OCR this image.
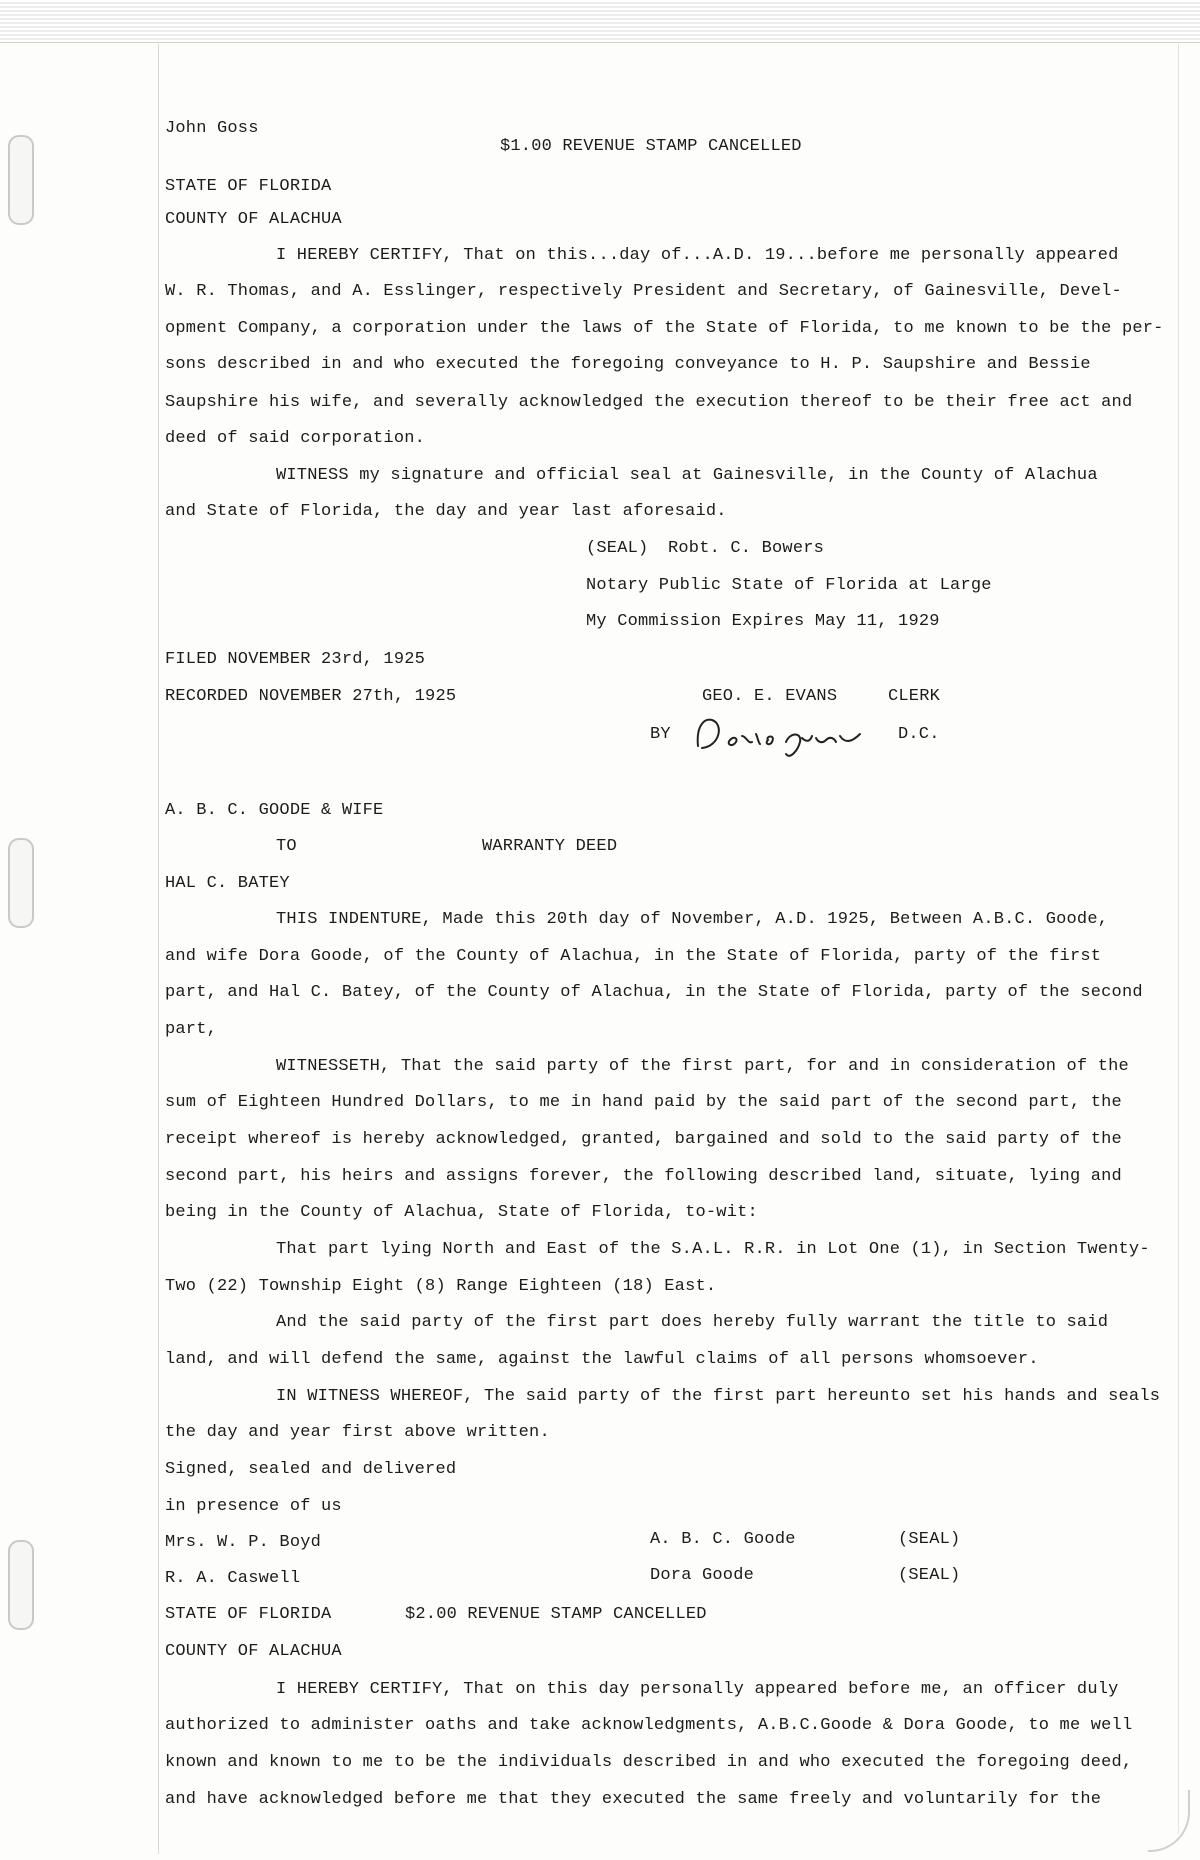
John Goss

$1.00 REVENUE STAMP CANCELLED

STATE OF FLORIDA

COUNTY OF ALACHUA

I HEREBY CERTIFY, That on this...day of...A.D. 19...before me personally appeared

W. R. Thomas, and A. Esslinger, respectively President and Secretary, of Gainesville, Devel-

opment Company, a corporation under the laws of the State of Florida, to me known to be the per-

sons described in and who executed the foregoing conveyance to H. P. Saupshire and Bessie

Saupshire his wife, and severally acknowledged the execution thereof to be their free act and

deed of said corporation.

WITNESS my signature and official seal at Gainesville, in the County of Alachua

and State of Florida, the day and year last aforesaid.

(SEAL) Robt. C. Bowers

Notary Public State of Florida at Large

My Commission Expires May 11, 1929

FILED NOVEMBER 23rd, 1925

RECORDED NOVEMBER 27th, 1925	GEO. E. EVANS	CLERK

BY	D.C.

A. B. C. GOODE & WIFE

TO	WARRANTY DEED

HAL C. BATEY

THIS INDENTURE, Made this 20th day of November, A.D. 1925, Between A.B.C. Goode,

and wife Dora Goode, of the County of Alachua, in the State of Florida, party of the first

part, and Hal C. Batey, of the County of Alachua, in the State of Florida, party of the second

part,

WITNESSETH, That the said party of the first part, for and in consideration of the

sum of Eighteen Hundred Dollars, to me in hand paid by the said part of the second part, the

receipt whereof is hereby acknowledged, granted, bargained and sold to the said party of the

second part, his heirs and assigns forever, the following described land, situate, lying and

being in the County of Alachua, State of Florida, to-wit:

That part lying North and East of the S.A.L. R.R. in Lot One (1), in Section Twenty-

Two (22) Township Eight (8) Range Eighteen (18) East.

And the said party of the first part does hereby fully warrant the title to said

land, and will defend the same, against the lawful claims of all persons whomsoever.

IN WITNESS WHEREOF, The said party of the first part hereunto set his hands and seals

the day and year first above written.

Signed, sealed and delivered

in presence of us

Mrs. W. P. Boyd	A. B. C. Goode	(SEAL)

R. A. Caswell	Dora Goode	(SEAL)

STATE OF FLORIDA	$2.00 REVENUE STAMP CANCELLED

COUNTY OF ALACHUA

I HEREBY CERTIFY, That on this day personally appeared before me, an officer duly

authorized to administer oaths and take acknowledgments, A.B.C.Goode & Dora Goode, to me well

known and known to me to be the individuals described in and who executed the foregoing deed,

and have acknowledged before me that they executed the same freely and voluntarily for the
